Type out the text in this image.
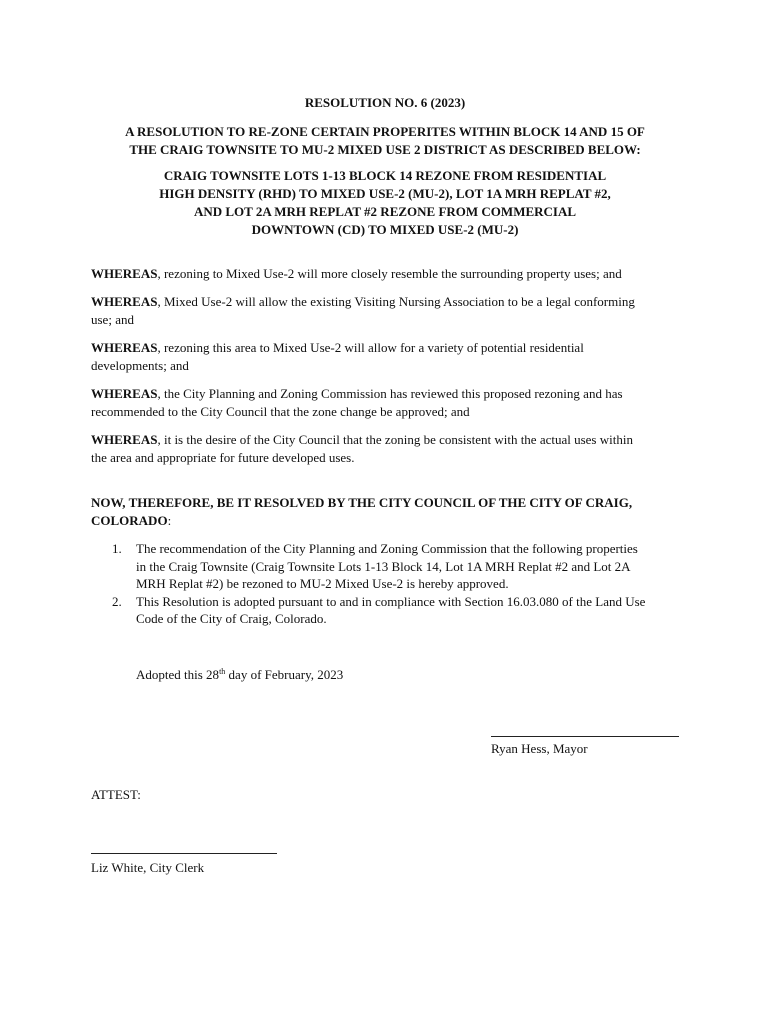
RESOLUTION NO. 6 (2023)
A RESOLUTION TO RE-ZONE CERTAIN PROPERITES WITHIN BLOCK 14 AND 15 OF
THE CRAIG TOWNSITE TO MU-2 MIXED USE 2 DISTRICT AS DESCRIBED BELOW:
CRAIG TOWNSITE LOTS 1-13 BLOCK 14 REZONE FROM RESIDENTIAL
HIGH DENSITY (RHD) TO MIXED USE-2 (MU-2), LOT 1A MRH REPLAT #2,
AND LOT 2A MRH REPLAT #2 REZONE FROM COMMERCIAL
DOWNTOWN (CD) TO MIXED USE-2 (MU-2)
WHEREAS, rezoning to Mixed Use-2 will more closely resemble the surrounding property uses; and
WHEREAS, Mixed Use-2 will allow the existing Visiting Nursing Association to be a legal conforming
use; and
WHEREAS, rezoning this area to Mixed Use-2 will allow for a variety of potential residential
developments; and
WHEREAS, the City Planning and Zoning Commission has reviewed this proposed rezoning and has
recommended to the City Council that the zone change be approved; and
WHEREAS, it is the desire of the City Council that the zoning be consistent with the actual uses within
the area and appropriate for future developed uses.
NOW, THEREFORE, BE IT RESOLVED BY THE CITY COUNCIL OF THE CITY OF CRAIG,
COLORADO:
1. The recommendation of the City Planning and Zoning Commission that the following properties
in the Craig Townsite (Craig Townsite Lots 1-13 Block 14, Lot 1A MRH Replat #2 and Lot 2A
MRH Replat #2) be rezoned to MU-2 Mixed Use-2 is hereby approved.
2. This Resolution is adopted pursuant to and in compliance with Section 16.03.080 of the Land Use
Code of the City of Craig, Colorado.
Adopted this 28th day of February, 2023
Ryan Hess, Mayor
ATTEST:
Liz White, City Clerk
